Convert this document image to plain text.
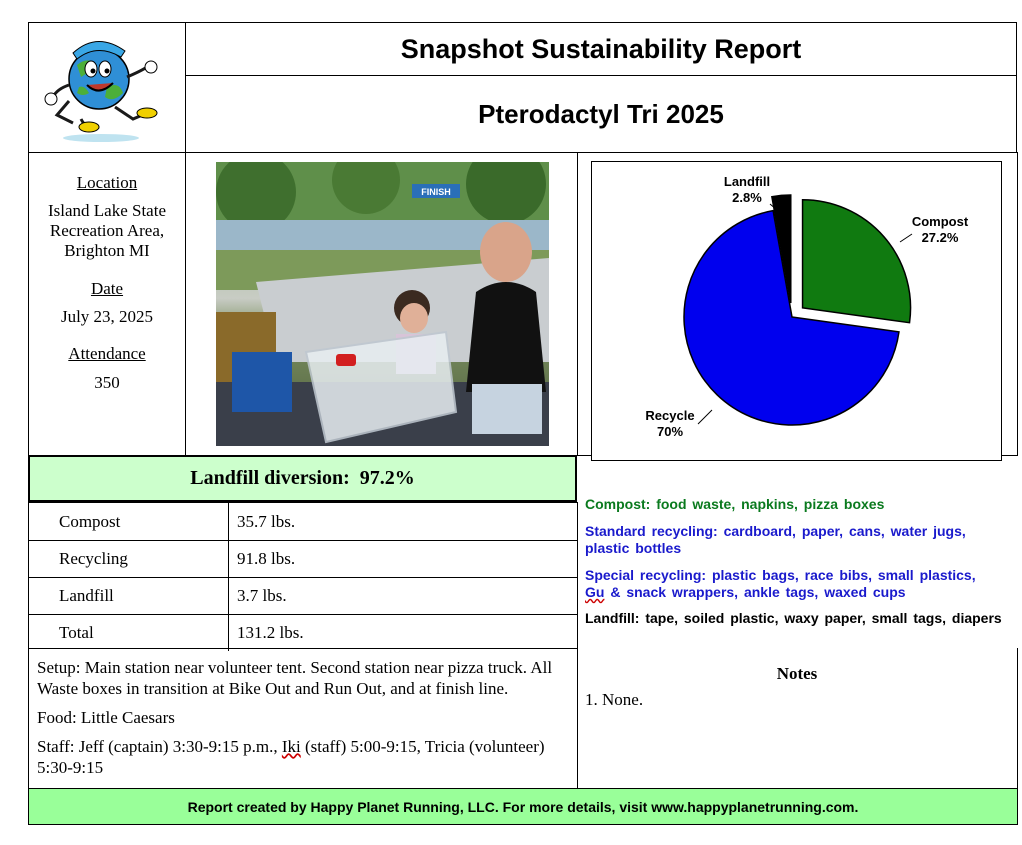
Snapshot Sustainability Report
Pterodactyl Tri 2025
Location
Island Lake State
Recreation Area,
Brighton MI
Date
July 23, 2025
Attendance
350
FINISH
Compost
27.2%
Recycle
70%
Landfill
2.8%
Landfill diversion:
97.2%
Compost	35.7 lbs.
Recycling	91.8 lbs.
Landfill	3.7 lbs.
Total	131.2 lbs.
Compost: food waste, napkins, pizza boxes
Standard recycling: cardboard, paper, cans, water jugs, plastic bottles
Special recycling: plastic bags, race bibs, small plastics,
Gu & snack wrappers, ankle tags, waxed cups
Landfill: tape, soiled plastic, waxy paper, small tags, diapers
Setup: Main station near volunteer tent. Second station near pizza truck. All Waste boxes in transition at Bike Out and Run Out, and at finish line.
Food: Little Caesars
Staff: Jeff (captain) 3:30-9:15 p.m., Iki (staff) 5:00-9:15, Tricia (volunteer) 5:30-9:15
Notes
1. None.
Report created by Happy Planet Running, LLC. For more details, visit www.happyplanetrunning.com.
